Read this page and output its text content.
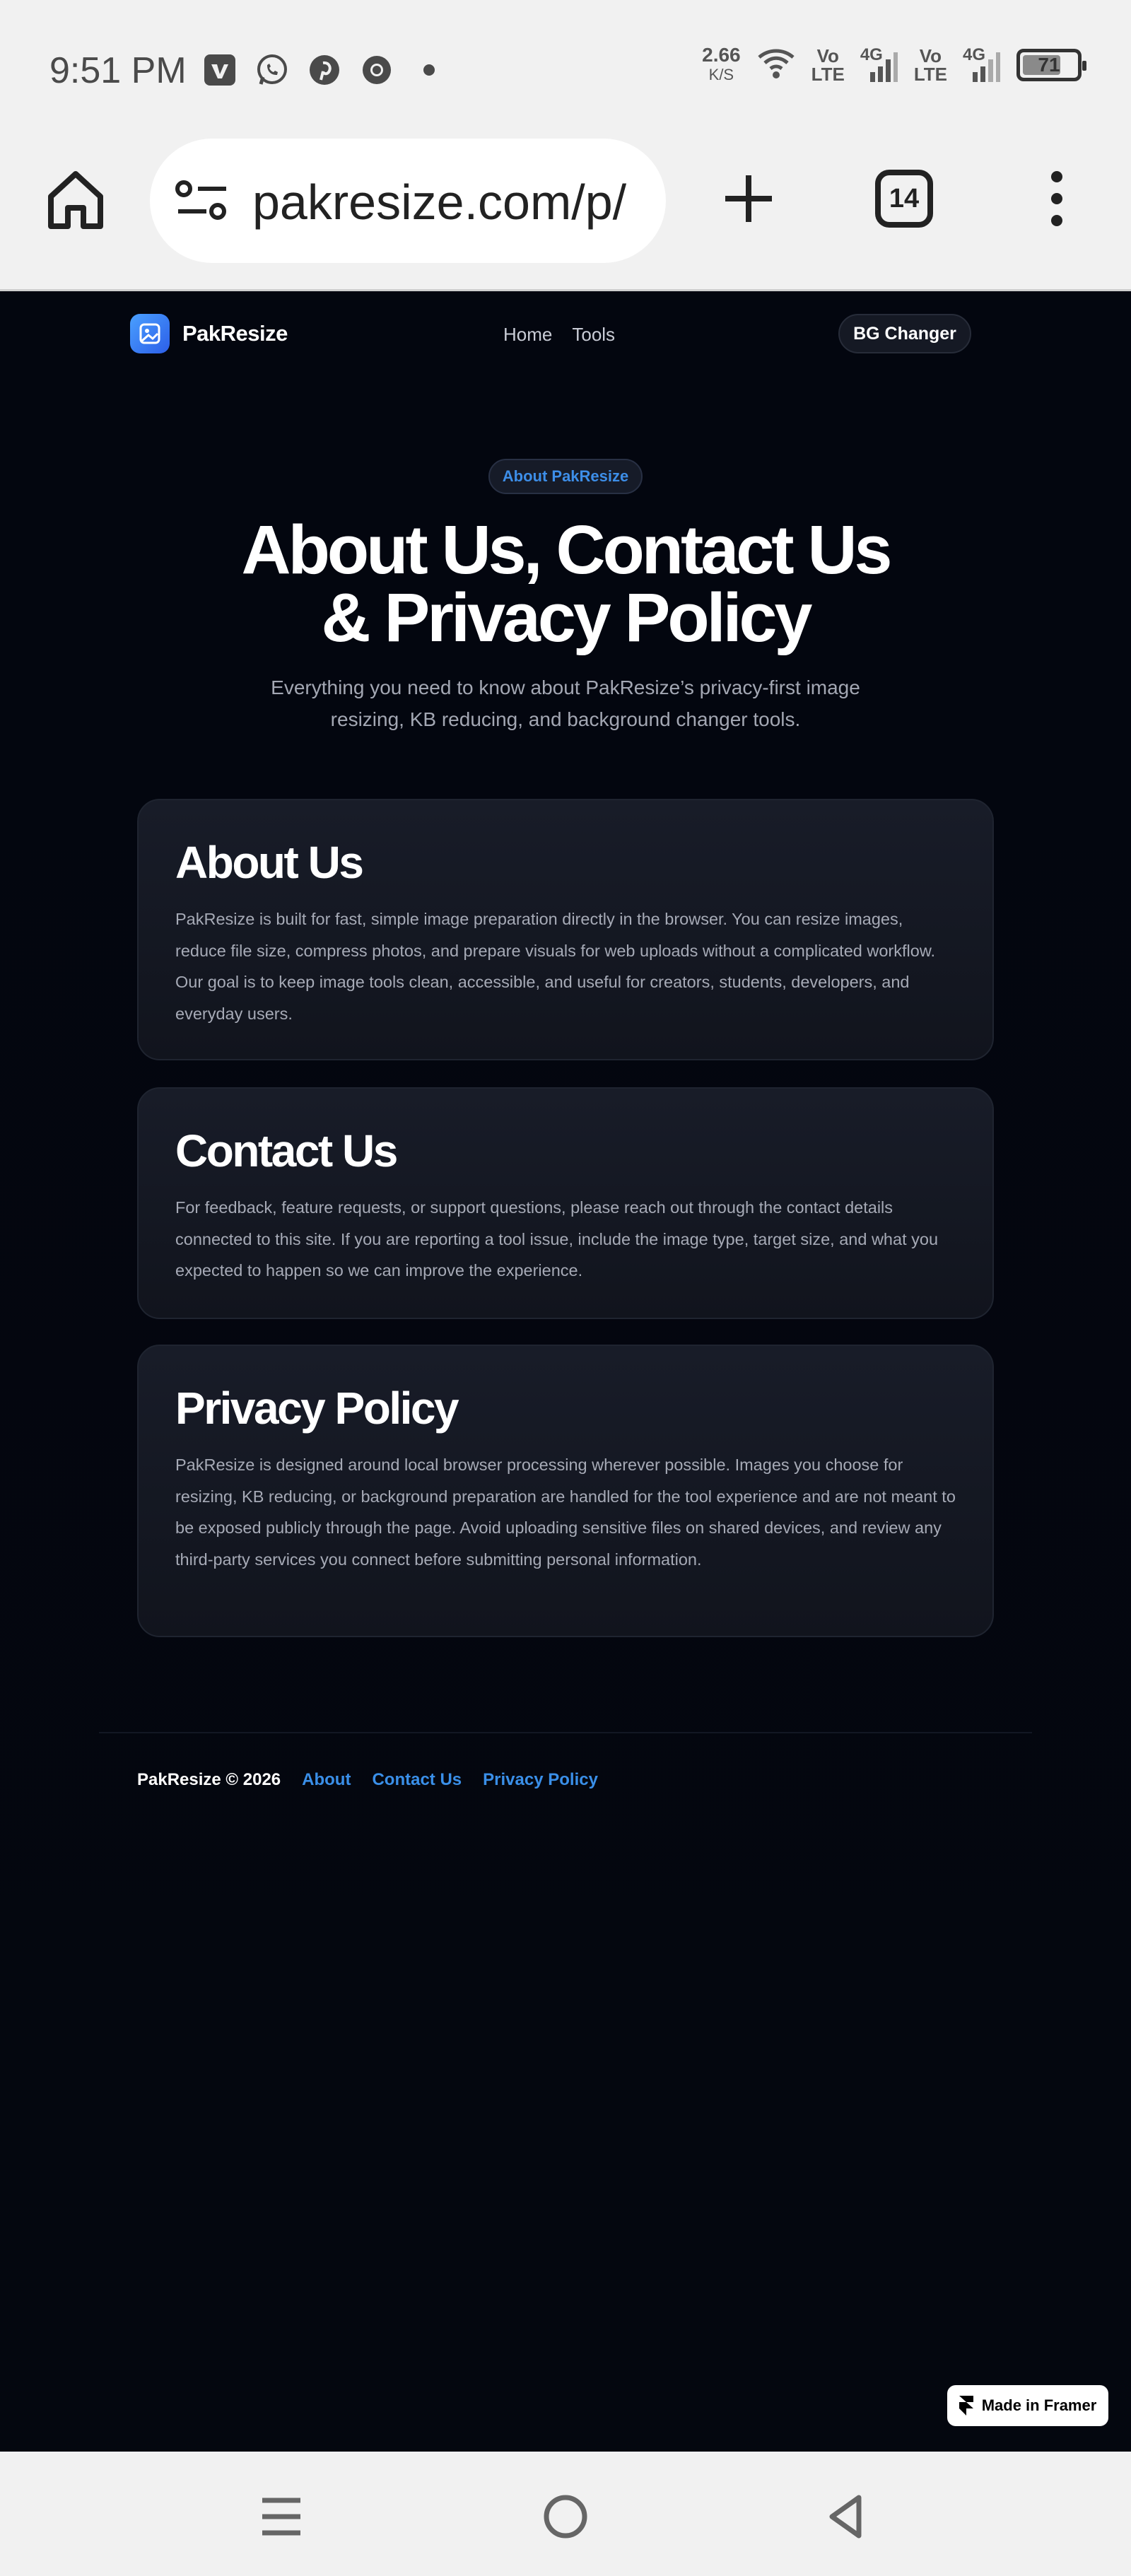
9:51 PM	2.66
K/S
Vo
LTE
4G	Vo
LTE
4G	71
pakresize.com/p/	14
PakResize	Home Tools	BG Changer
About PakResize
About Us, Contact Us & Privacy Policy

Everything you need to know about PakResize’s privacy-first image resizing, KB reducing, and background changer tools.

About Us

PakResize is built for fast, simple image preparation directly in the browser. You can resize images, reduce file size, compress photos, and prepare visuals for web uploads without a complicated workflow. Our goal is to keep image tools clean, accessible, and useful for creators, students, developers, and everyday users.

Contact Us

For feedback, feature requests, or support questions, please reach out through the contact details connected to this site. If you are reporting a tool issue, include the image type, target size, and what you expected to happen so we can improve the experience.

Privacy Policy

PakResize is designed around local browser processing wherever possible. Images you choose for resizing, KB reducing, or background preparation are handled for the tool experience and are not meant to be exposed publicly through the page. Avoid uploading sensitive files on shared devices, and review any third-party services you connect before submitting personal information.

PakResize © 2026 About Contact Us Privacy Policy
Made in Framer
